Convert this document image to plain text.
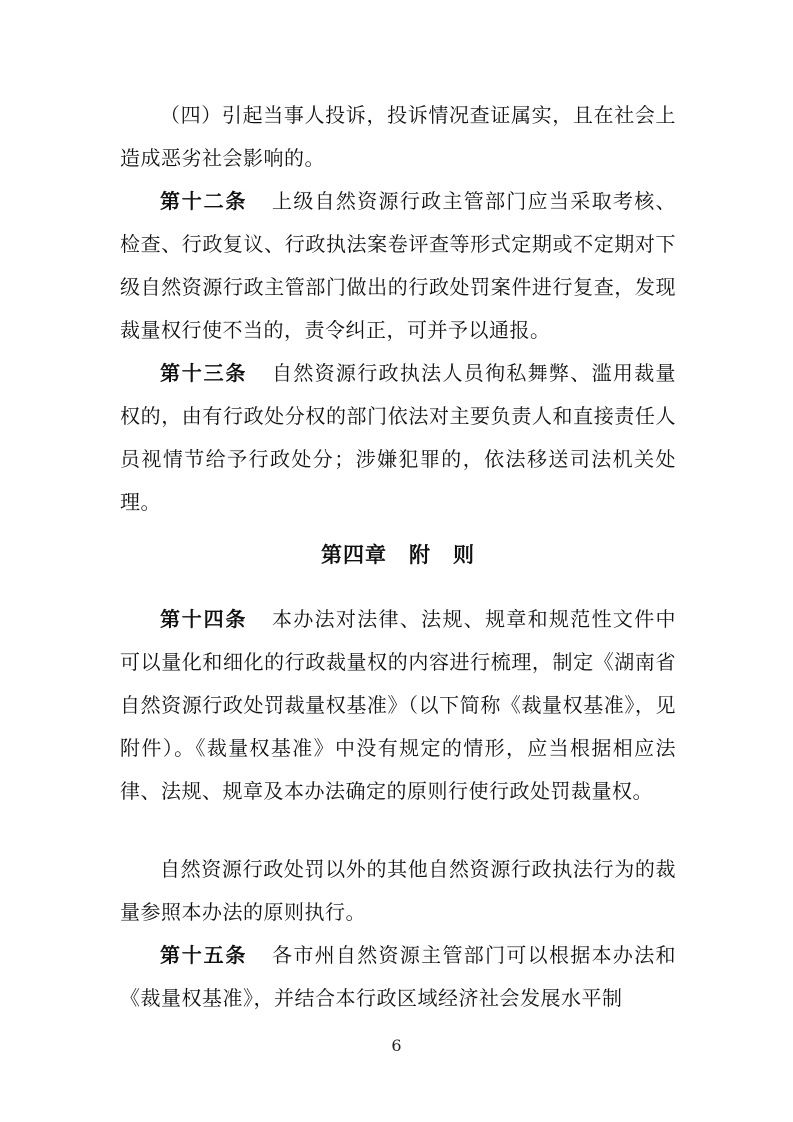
（四）引起当事人投诉，投诉情况查证属实，且在社会上造成恶劣社会影响的。

第十二条 上级自然资源行政主管部门应当采取考核、检查、行政复议、行政执法案卷评查等形式定期或不定期对下级自然资源行政主管部门做出的行政处罚案件进行复查，发现裁量权行使不当的，责令纠正，可并予以通报。

第十三条 自然资源行政执法人员徇私舞弊、滥用裁量权的，由有行政处分权的部门依法对主要负责人和直接责任人员视情节给予行政处分；涉嫌犯罪的，依法移送司法机关处理。

第四章　附　则

第十四条 本办法对法律、法规、规章和规范性文件中可以量化和细化的行政裁量权的内容进行梳理，制定《湖南省自然资源行政处罚裁量权基准》（以下简称《裁量权基准》，见附件）。《裁量权基准》中没有规定的情形，应当根据相应法律、法规、规章及本办法确定的原则行使行政处罚裁量权。

自然资源行政处罚以外的其他自然资源行政执法行为的裁量参照本办法的原则执行。

第十五条 各市州自然资源主管部门可以根据本办法和《裁量权基准》，并结合本行政区域经济社会发展水平制

6
